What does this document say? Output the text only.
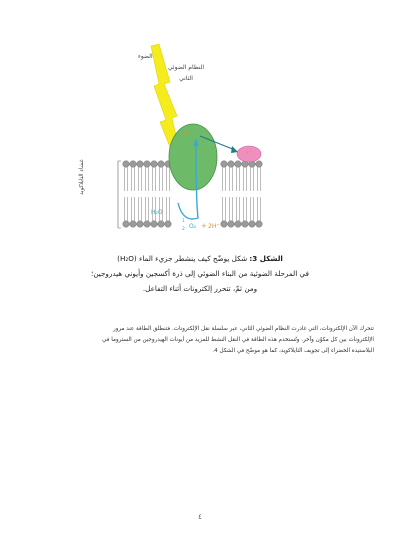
الضوء
النظام الضوئي الثاني
غشاء الثايلاكويد
e⁻
e⁻
H₂O
1
2 O₂ + 2H⁺
الشكل 3: شكل يوضّح كيف ينشطر جزيء الماء (H₂O)
في المرحلة الضوئية من البناء الضوئي إلى ذرة أكسجين وأيوني هيدروجين؛
ومن ثمّ، تتحرر إلكترونات أثناء التفاعل.
تتحرك الآن الإلكترونات، التي غادرت النظام الضوئي الثاني، عبر سلسلة نقل الإلكترونات. فتنطلق الطاقة عند مرور
الإلكترونات بين كل مكوّن وآخر. وتُستخدم هذه الطاقة في النقل النشط للمزيد من أيونات الهيدروجين من الستروما في
البلاستيدة الخضراء إلى تجويف الثايلاكويد، كما هو موضّح في الشكل 4.
٤
